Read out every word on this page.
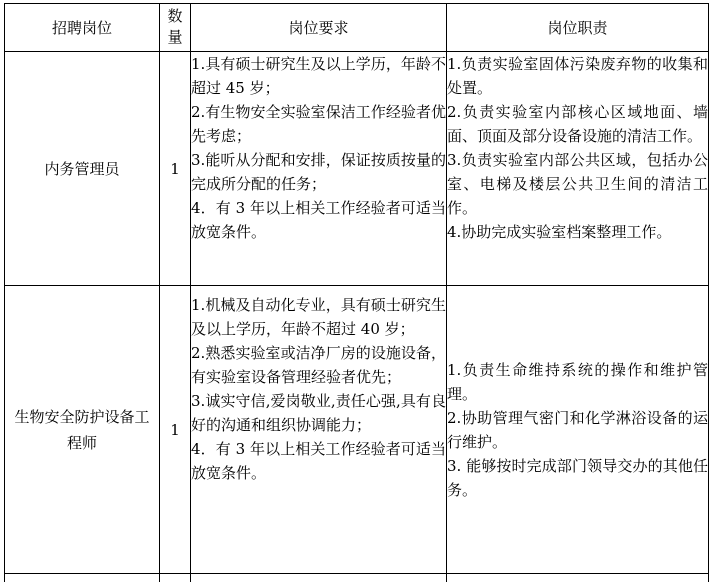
招聘岗位	数量	岗位要求	岗位职责

内务管理员	1	1.具有硕士研究生及以上学历，年龄不超过 45 岁；
2.有生物安全实验室保洁工作经验者优先考虑；
3.能听从分配和安排，保证按质按量的完成所分配的任务；
4．有 3 年以上相关工作经验者可适当放宽条件。	1.负责实验室固体污染废弃物的收集和处置。
2.负责实验室内部核心区域地面、墙面、顶面及部分设备设施的清洁工作。
3.负责实验室内部公共区域，包括办公室、电梯及楼层公共卫生间的清洁工作。
4.协助完成实验室档案整理工作。

生物安全防护设备工程师	1	1.机械及自动化专业，具有硕士研究生及以上学历，年龄不超过 40 岁；
2.熟悉实验室或洁净厂房的设施设备，有实验室设备管理经验者优先；
3.诚实守信,爱岗敬业,责任心强,具有良好的沟通和组织协调能力；
4．有 3 年以上相关工作经验者可适当放宽条件。	1.负责生命维持系统的操作和维护管理。
2.协助管理气密门和化学淋浴设备的运行维护。
3. 能够按时完成部门领导交办的其他任务。
